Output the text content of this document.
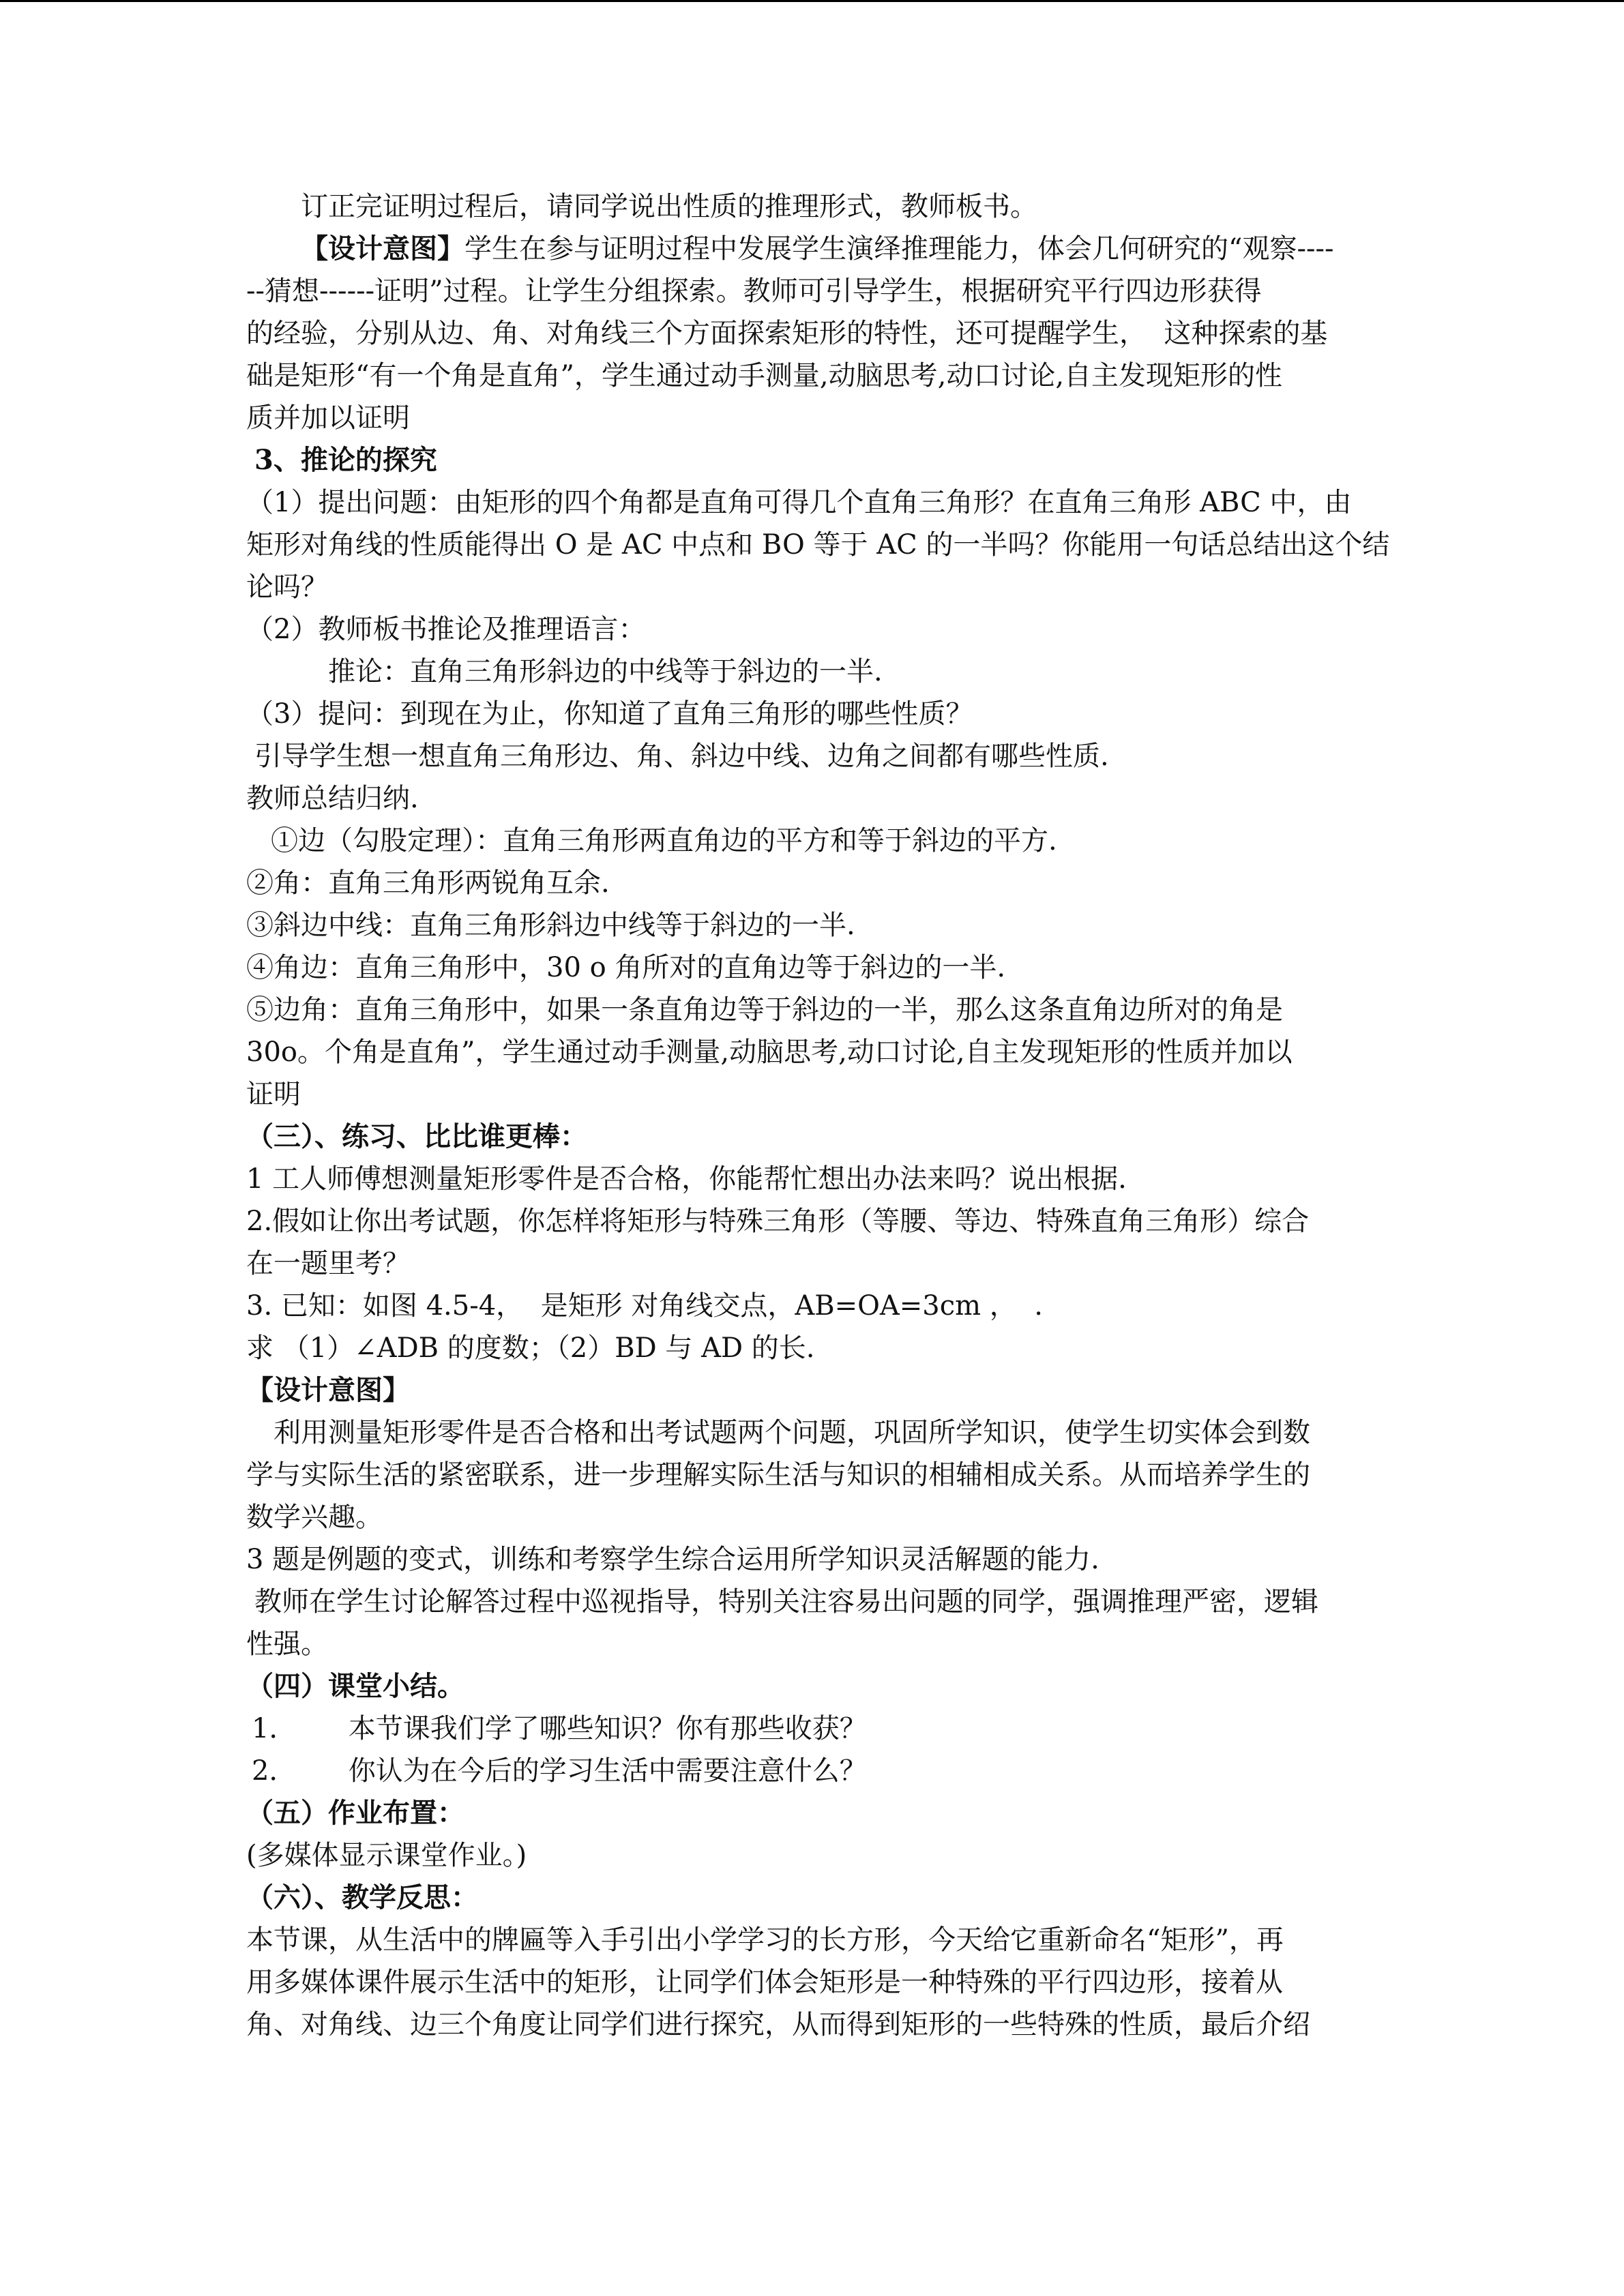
订正完证明过程后，请同学说出性质的推理形式，教师板书。
【设计意图】学生在参与证明过程中发展学生演绎推理能力，体会几何研究的“观察----
--猜想------证明”过程。让学生分组探索。教师可引导学生，根据研究平行四边形获得
的经验，分别从边、角、对角线三个方面探索矩形的特性，还可提醒学生，  这种探索的基
础是矩形“有一个角是直角”，学生通过动手测量,动脑思考,动口讨论,自主发现矩形的性
质并加以证明
3、推论的探究
（1）提出问题：由矩形的四个角都是直角可得几个直角三角形？在直角三角形 ABC 中，由
矩形对角线的性质能得出 O 是 AC 中点和 BO 等于 AC 的一半吗？你能用一句话总结出这个结
论吗？
（2）教师板书推论及推理语言：
推论：直角三角形斜边的中线等于斜边的一半.
（3）提问：到现在为止，你知道了直角三角形的哪些性质？
引导学生想一想直角三角形边、角、斜边中线、边角之间都有哪些性质.
教师总结归纳.
①边（勾股定理）：直角三角形两直角边的平方和等于斜边的平方.
②角：直角三角形两锐角互余.
③斜边中线：直角三角形斜边中线等于斜边的一半.
④角边：直角三角形中，30 o 角所对的直角边等于斜边的一半.
⑤边角：直角三角形中，如果一条直角边等于斜边的一半，那么这条直角边所对的角是
30o。个角是直角”，学生通过动手测量,动脑思考,动口讨论,自主发现矩形的性质并加以
证明
（三）、练习、比比谁更棒：
1 工人师傅想测量矩形零件是否合格，你能帮忙想出办法来吗？说出根据.
2.假如让你出考试题，你怎样将矩形与特殊三角形（等腰、等边、特殊直角三角形）综合
在一题里考？
3. 已知：如图 4.5-4，  是矩形 对角线交点，AB=OA=3cm ，  .
求 （1）∠ADB 的度数；（2）BD 与 AD 的长.
【设计意图】
利用测量矩形零件是否合格和出考试题两个问题，巩固所学知识，使学生切实体会到数
学与实际生活的紧密联系，进一步理解实际生活与知识的相辅相成关系。从而培养学生的
数学兴趣。
3 题是例题的变式，训练和考察学生综合运用所学知识灵活解题的能力.
教师在学生讨论解答过程中巡视指导，特别关注容易出问题的同学，强调推理严密，逻辑
性强。
（四）课堂小结。
1．      本节课我们学了哪些知识？你有那些收获？
2．      你认为在今后的学习生活中需要注意什么？
（五）作业布置：
(多媒体显示课堂作业。)
（六）、教学反思：
本节课，从生活中的牌匾等入手引出小学学习的长方形，今天给它重新命名“矩形”，再
用多媒体课件展示生活中的矩形，让同学们体会矩形是一种特殊的平行四边形，接着从
角、对角线、边三个角度让同学们进行探究，从而得到矩形的一些特殊的性质，最后介绍
